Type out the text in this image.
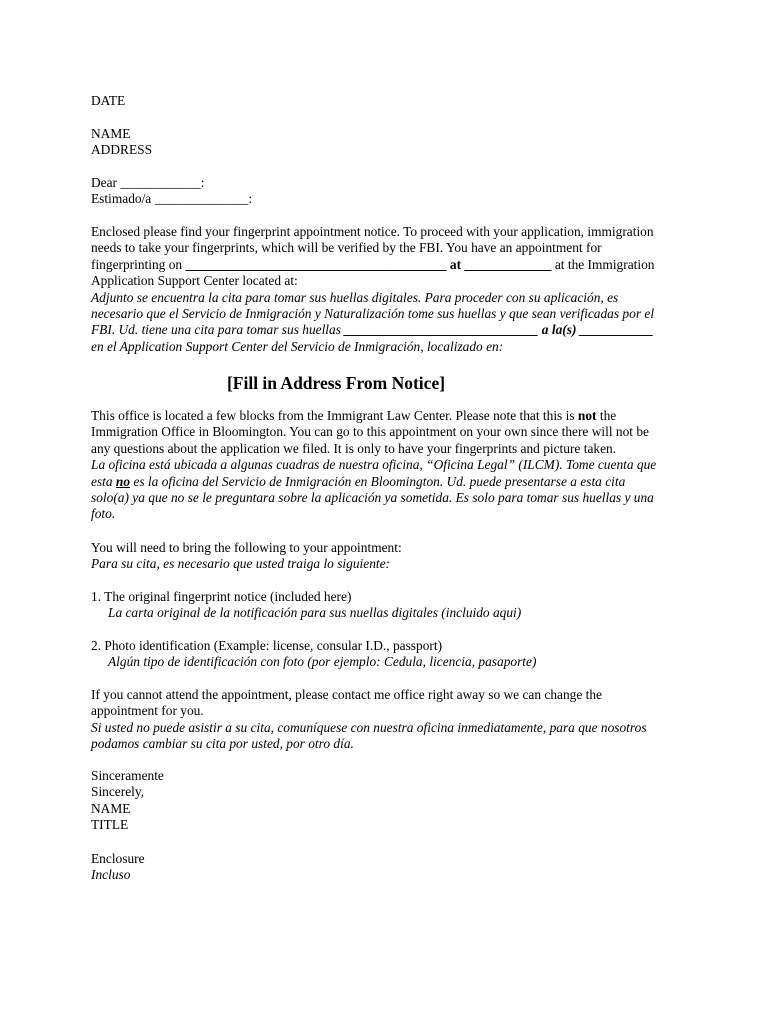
DATE
NAME
ADDRESS
Dear ____________:
Estimado/a ______________:
Enclosed please find your fingerprint appointment notice. To proceed with your application, immigration
needs to take your fingerprints, which will be verified by the FBI. You have an appointment for
fingerprinting on _______________________________________ at _____________ at the Immigration
Application Support Center located at:
Adjunto se encuentra la cita para tomar sus huellas digitales. Para proceder con su aplicación, es
necesario que el Servicio de Inmigración y Naturalización tome sus huellas y que sean verificadas por el
FBI. Ud. tiene una cita para tomar sus huellas _____________________________ a la(s) ___________
en el Application Support Center del Servicio de Inmigración, localizado en:
[Fill in Address From Notice]
This office is located a few blocks from the Immigrant Law Center. Please note that this is not the
Immigration Office in Bloomington. You can go to this appointment on your own since there will not be
any questions about the application we filed. It is only to have your fingerprints and picture taken.
La oficina está ubicada a algunas cuadras de nuestra oficina, “Oficina Legal” (ILCM). Tome cuenta que
esta no es la oficina del Servicio de Inmigración en Bloomington. Ud. puede presentarse a esta cita
solo(a) ya que no se le preguntara sobre la aplicación ya sometida. Es solo para tomar sus huellas y una
foto.
You will need to bring the following to your appointment:
Para su cita, es necesario que usted traiga lo siguiente:
1. The original fingerprint notice (included here)
La carta original de la notificación para sus nuellas digitales (incluido aqui)
2. Photo identification (Example: license, consular I.D., passport)
Algún tipo de identificación con foto (por ejemplo: Cedula, licencia, pasaporte)
If you cannot attend the appointment, please contact me office right away so we can change the
appointment for you.
Si usted no puede asistir a su cita, comuníquese con nuestra oficina inmediatamente, para que nosotros
podamos cambiar su cita por usted, por otro día.
Sinceramente
Sincerely,
NAME
TITLE
Enclosure
Incluso
